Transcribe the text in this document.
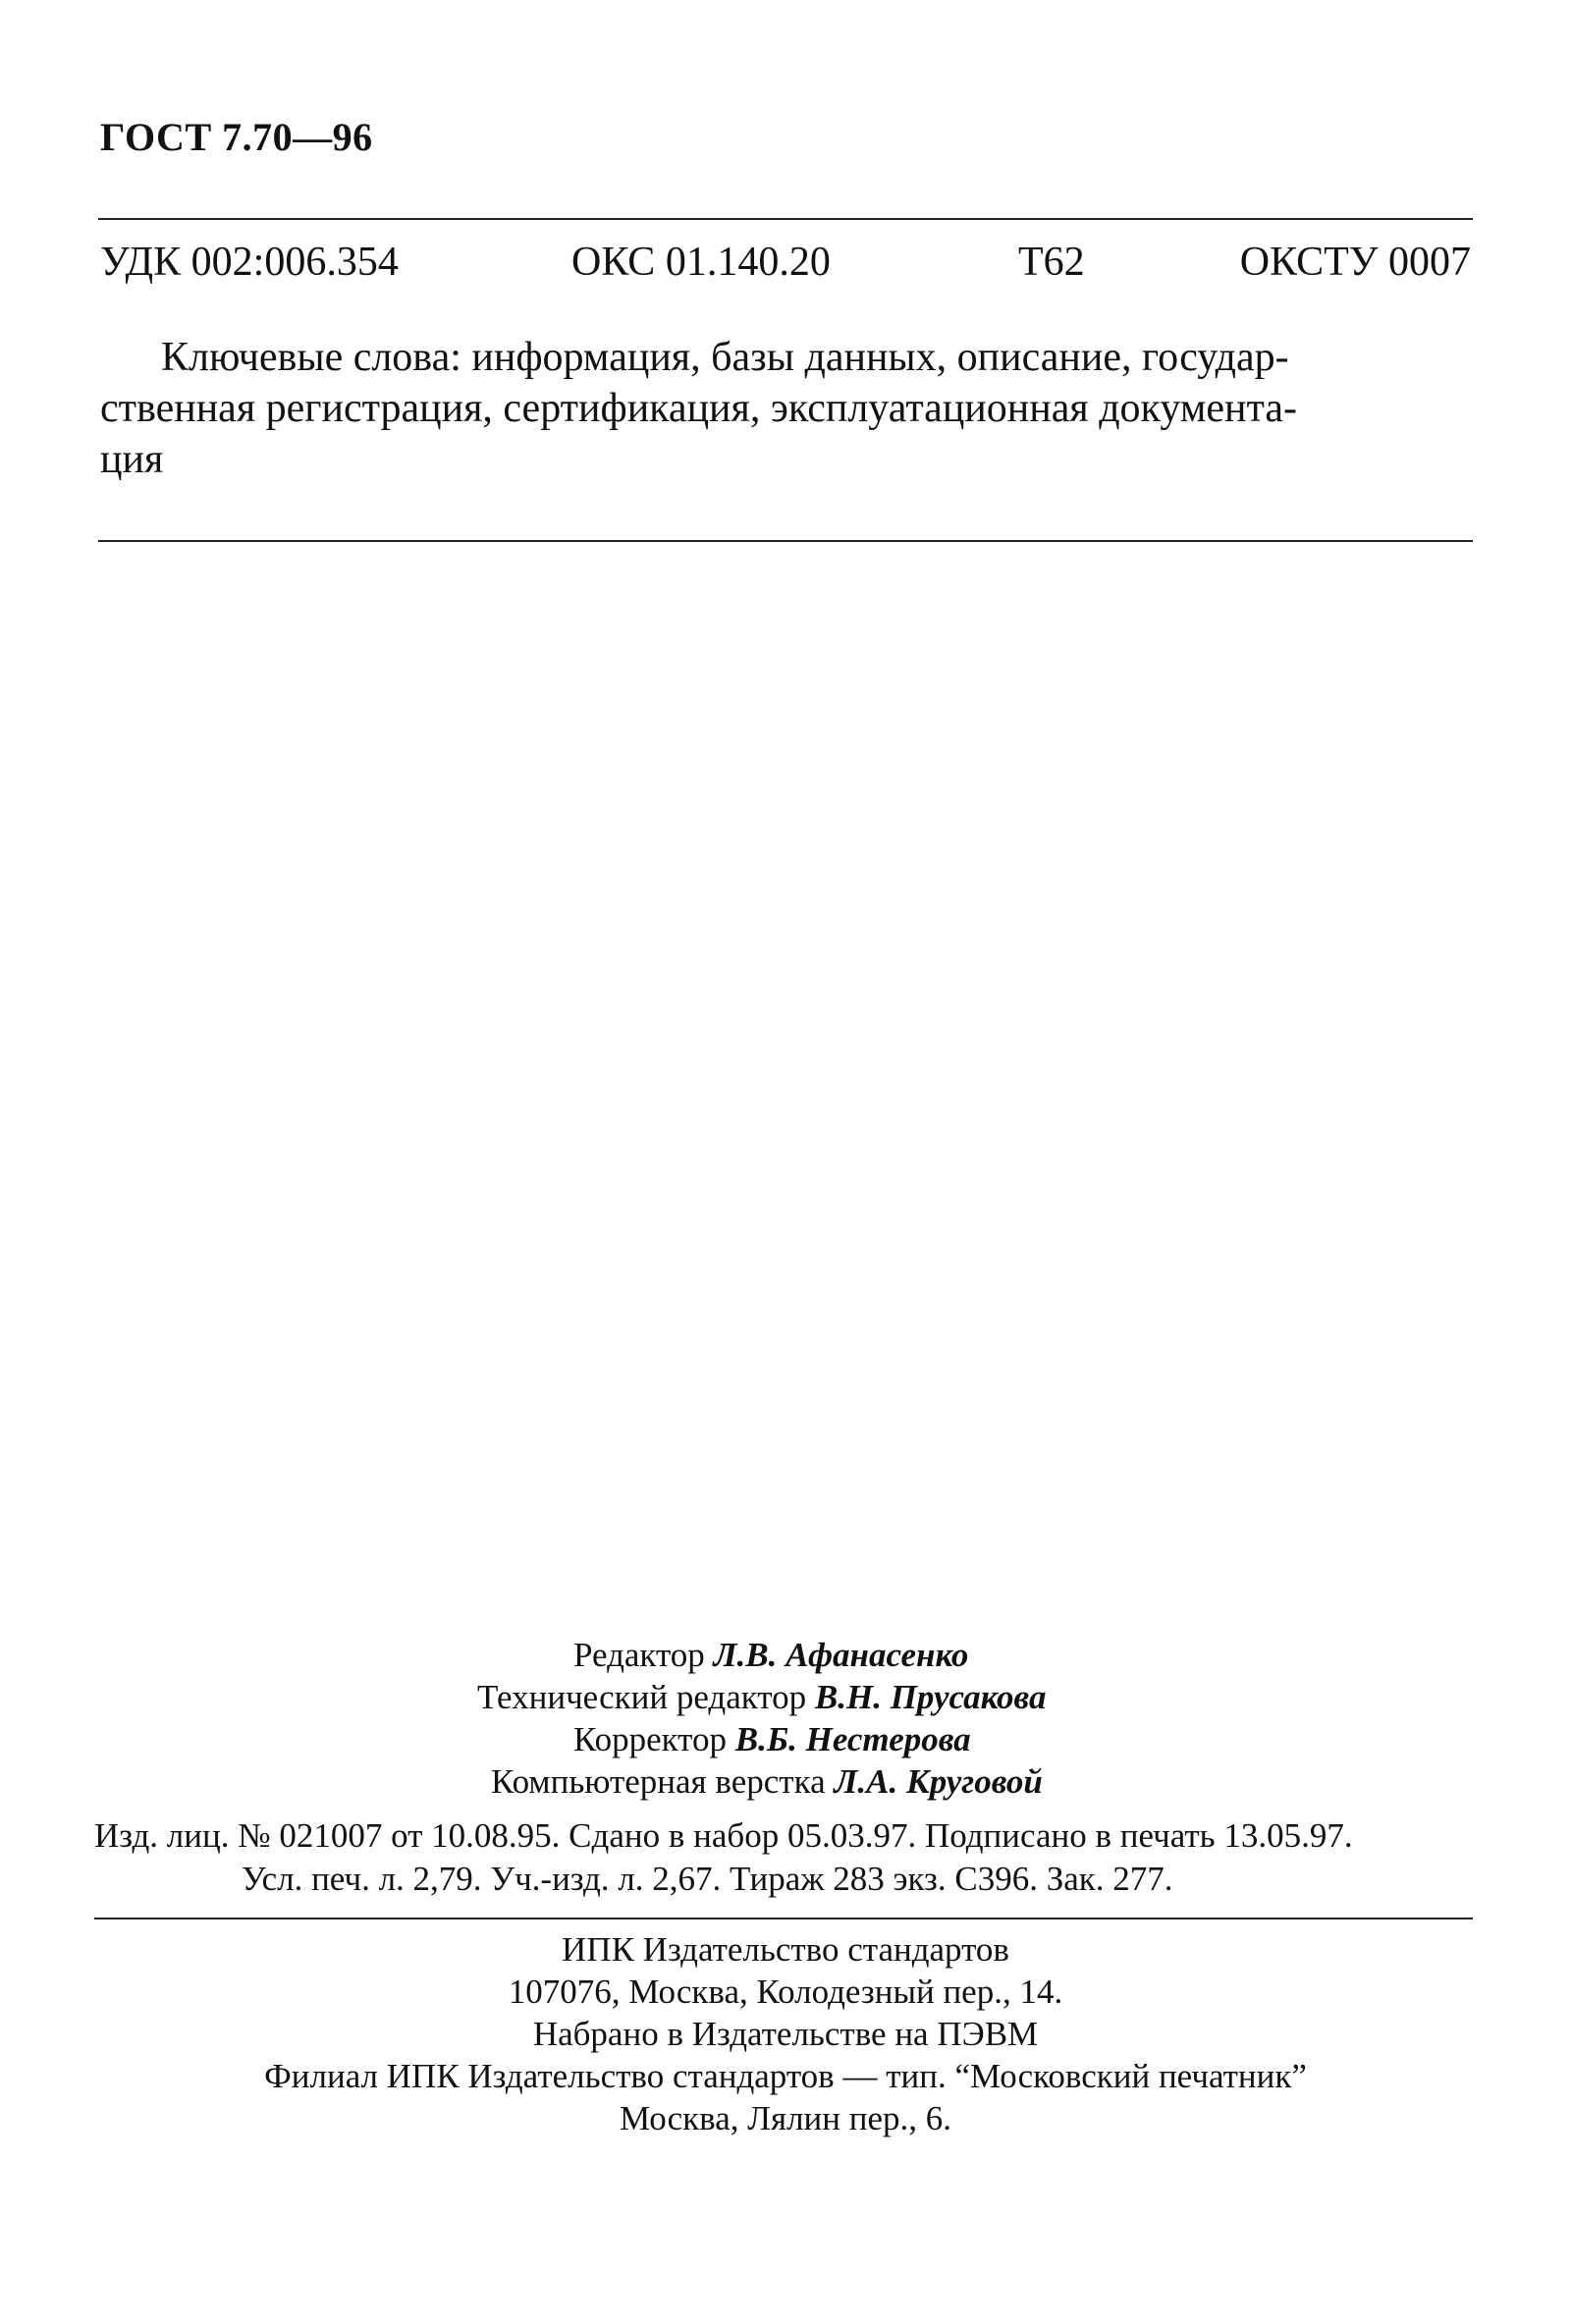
ГОСТ 7.70—96
УДК 002:006.354	ОКС 01.140.20	Т62	ОКСТУ 0007
Ключевые слова: информация, базы данных, описание, государ-
ственная регистрация, сертификация, эксплуатационная документа-
ция
Редактор Л.В. Афанасенко
Технический редактор В.Н. Прусакова
Корректор В.Б. Нестерова
Компьютерная верстка Л.А. Круговой
Изд. лиц. № 021007 от 10.08.95. Сдано в набор 05.03.97. Подписано в печать 13.05.97.
Усл. печ. л. 2,79. Уч.-изд. л. 2,67. Тираж 283 экз. С396. Зак. 277.
ИПК Издательство стандартов
107076, Москва, Колодезный пер., 14.
Набрано в Издательстве на ПЭВМ
Филиал ИПК Издательство стандартов — тип. “Московский печатник”
Москва, Лялин пер., 6.
